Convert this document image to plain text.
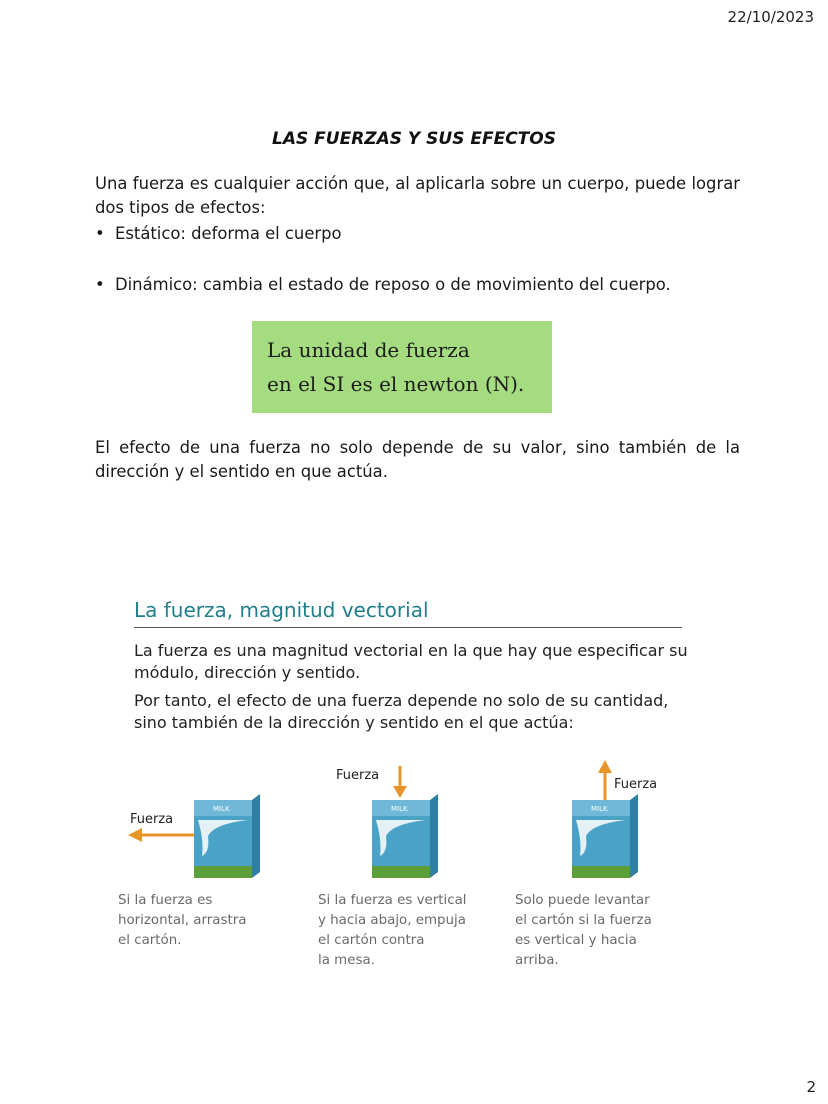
22/10/2023
LAS FUERZAS Y SUS EFECTOS
Una fuerza es cualquier acción que, al aplicarla sobre un cuerpo, puede lograr dos tipos de efectos:
• Estático: deforma el cuerpo
• Dinámico: cambia el estado de reposo o de movimiento del cuerpo.
La unidad de fuerza
en el SI es el newton (N).
El efecto de una fuerza no solo depende de su valor, sino también de la dirección y el sentido en que actúa.
La fuerza, magnitud vectorial
La fuerza es una magnitud vectorial en la que hay que especificar su módulo, dirección y sentido.
Por tanto, el efecto de una fuerza depende no solo de su cantidad, sino también de la dirección y sentido en el que actúa:
Fuerza
MILK
Si la fuerza es
horizontal, arrastra
el cartón.
Fuerza
MILK
Si la fuerza es vertical
y hacia abajo, empuja
el cartón contra
la mesa.
Fuerza
MILK
Solo puede levantar
el cartón si la fuerza
es vertical y hacia
arriba.
2
